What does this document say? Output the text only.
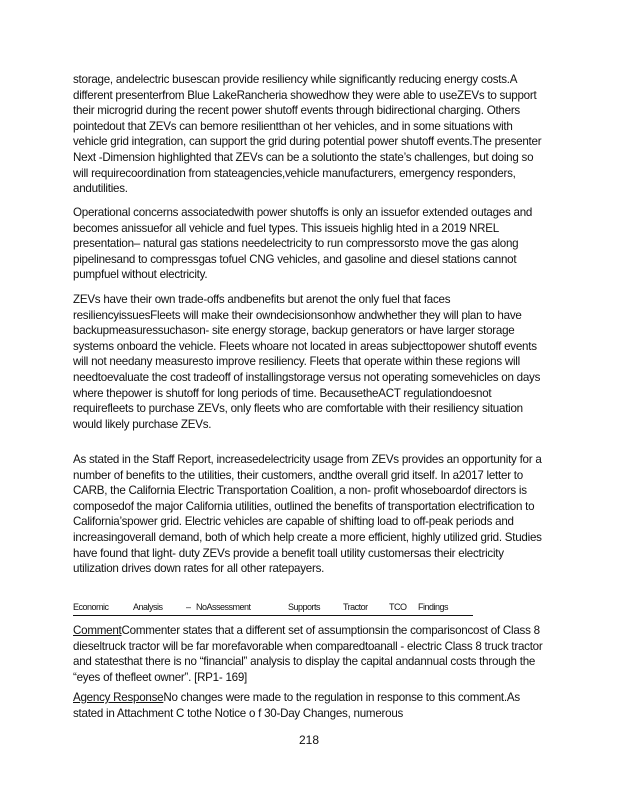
storage, andelectric busescan provide resiliency while significantly reducing energy costs.A different presenterfrom Blue LakeRancheria showedhow they were able to useZEVs to support their microgrid during the recent power shutoff events through bidirectional charging. Others pointedout that ZEVs can bemore resilientthan ot her vehicles, and in some situations with vehicle grid integration, can support the grid during potential power shutoff events.The presenter Next -Dimension highlighted that ZEVs can be a solutionto the state’s challenges, but doing so will requirecoordination from stateagencies,vehicle manufacturers, emergency responders, andutilities.

Operational concerns associatedwith power shutoffs is only an issuefor extended outages and becomes anissuefor all vehicle and fuel types. This issueis highlig hted in a 2019 NREL presentation– natural gas stations needelectricity to run compressorsto move the gas along pipelinesand to compressgas tofuel CNG vehicles, and gasoline and diesel stations cannot pumpfuel without electricity.

ZEVs have their own trade-offs andbenefits but arenot the only fuel that faces resiliencyissuesFleets will make their owndecisionsonhow andwhether they will plan to have backupmeasuressuchason- site energy storage, backup generators or have larger storage systems onboard the vehicle. Fleets whoare not located in areas subjecttopower shutoff events will not needany measuresto improve resiliency. Fleets that operate within these regions will needtoevaluate the cost tradeoff of installingstorage versus not operating somevehicles on days where thepower is shutoff for long periods of time. BecausetheACT regulationdoesnot requirefleets to purchase ZEVs, only fleets who are comfortable with their resiliency situation would likely purchase ZEVs.

As stated in the Staff Report, increasedelectricity usage from ZEVs provides an opportunity for a number of benefits to the utilities, their customers, andthe overall grid itself. In a2017 letter to CARB, the California Electric Transportation Coalition, a non- profit whoseboardof directors is composedof the major California utilities, outlined the benefits of transportation electrification to California’spower grid. Electric vehicles are capable of shifting load to off-peak periods and increasingoverall demand, both of which help create a more efficient, highly utilized grid. Studies have found that light- duty ZEVs provide a benefit toall utility customersas their electricity utilization drives down rates for all other ratepayers.

Economic	Analysis	– NoAssessment	Supports	Tractor TCO Findings

CommentCommenter states that a different set of assumptionsin the comparisoncost of Class 8 dieseltruck tractor will be far morefavorable when comparedtoanall - electric Class 8 truck tractor and statesthat there is no “financial” analysis to display the capital andannual costs through the “eyes of thefleet owner”. [RP1- 169]

Agency ResponseNo changes were made to the regulation in response to this comment.As stated in Attachment C tothe Notice o f 30-Day Changes, numerous

218
